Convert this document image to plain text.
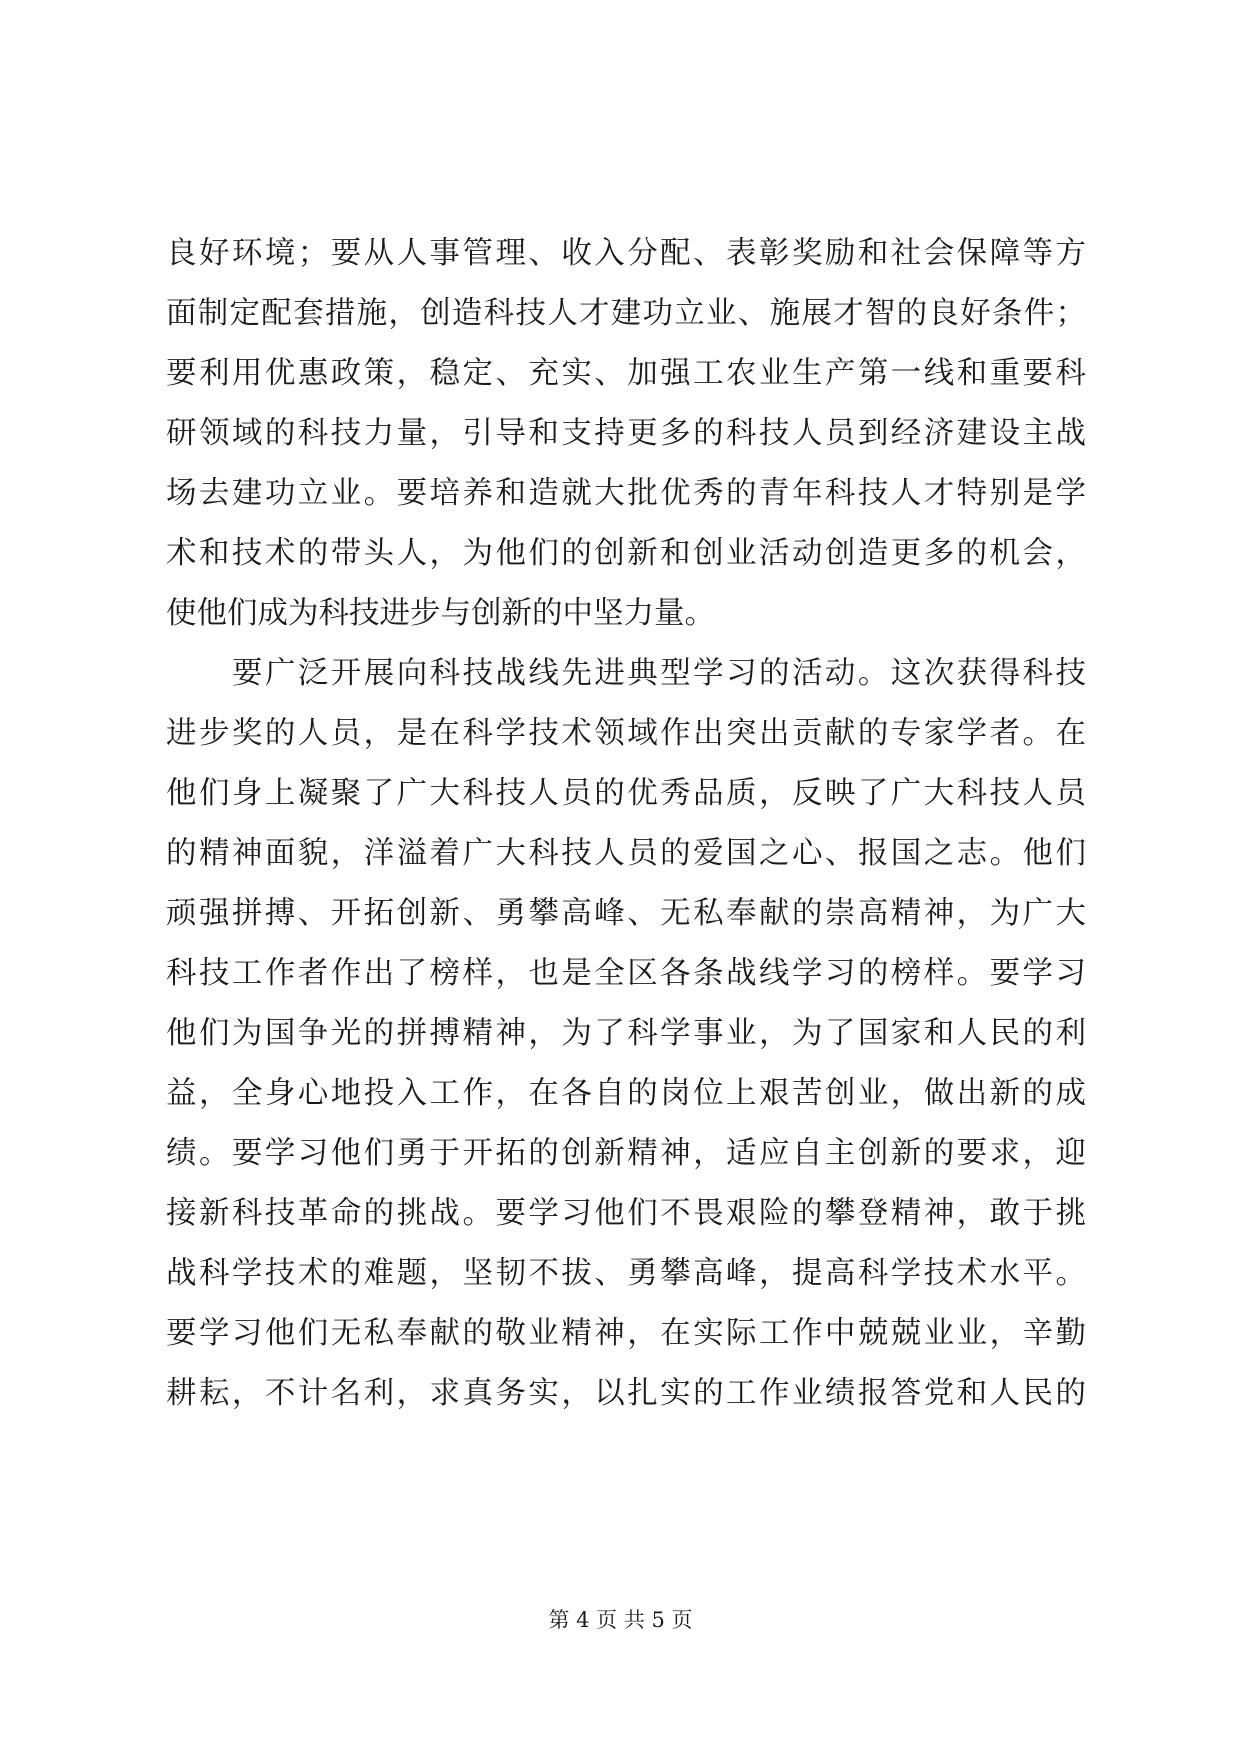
良好环境；要从人事管理、收入分配、表彰奖励和社会保障等方
面制定配套措施，创造科技人才建功立业、施展才智的良好条件；
要利用优惠政策，稳定、充实、加强工农业生产第一线和重要科
研领域的科技力量，引导和支持更多的科技人员到经济建设主战
场去建功立业。要培养和造就大批优秀的青年科技人才特别是学
术和技术的带头人，为他们的创新和创业活动创造更多的机会，
使他们成为科技进步与创新的中坚力量。
要广泛开展向科技战线先进典型学习的活动。这次获得科技
进步奖的人员，是在科学技术领域作出突出贡献的专家学者。在
他们身上凝聚了广大科技人员的优秀品质，反映了广大科技人员
的精神面貌，洋溢着广大科技人员的爱国之心、报国之志。他们
顽强拼搏、开拓创新、勇攀高峰、无私奉献的崇高精神，为广大
科技工作者作出了榜样，也是全区各条战线学习的榜样。要学习
他们为国争光的拼搏精神，为了科学事业，为了国家和人民的利
益，全身心地投入工作，在各自的岗位上艰苦创业，做出新的成
绩。要学习他们勇于开拓的创新精神，适应自主创新的要求，迎
接新科技革命的挑战。要学习他们不畏艰险的攀登精神，敢于挑
战科学技术的难题，坚韧不拔、勇攀高峰，提高科学技术水平。
要学习他们无私奉献的敬业精神，在实际工作中兢兢业业，辛勤
耕耘，不计名利，求真务实，以扎实的工作业绩报答党和人民的
第 4 页 共 5 页
